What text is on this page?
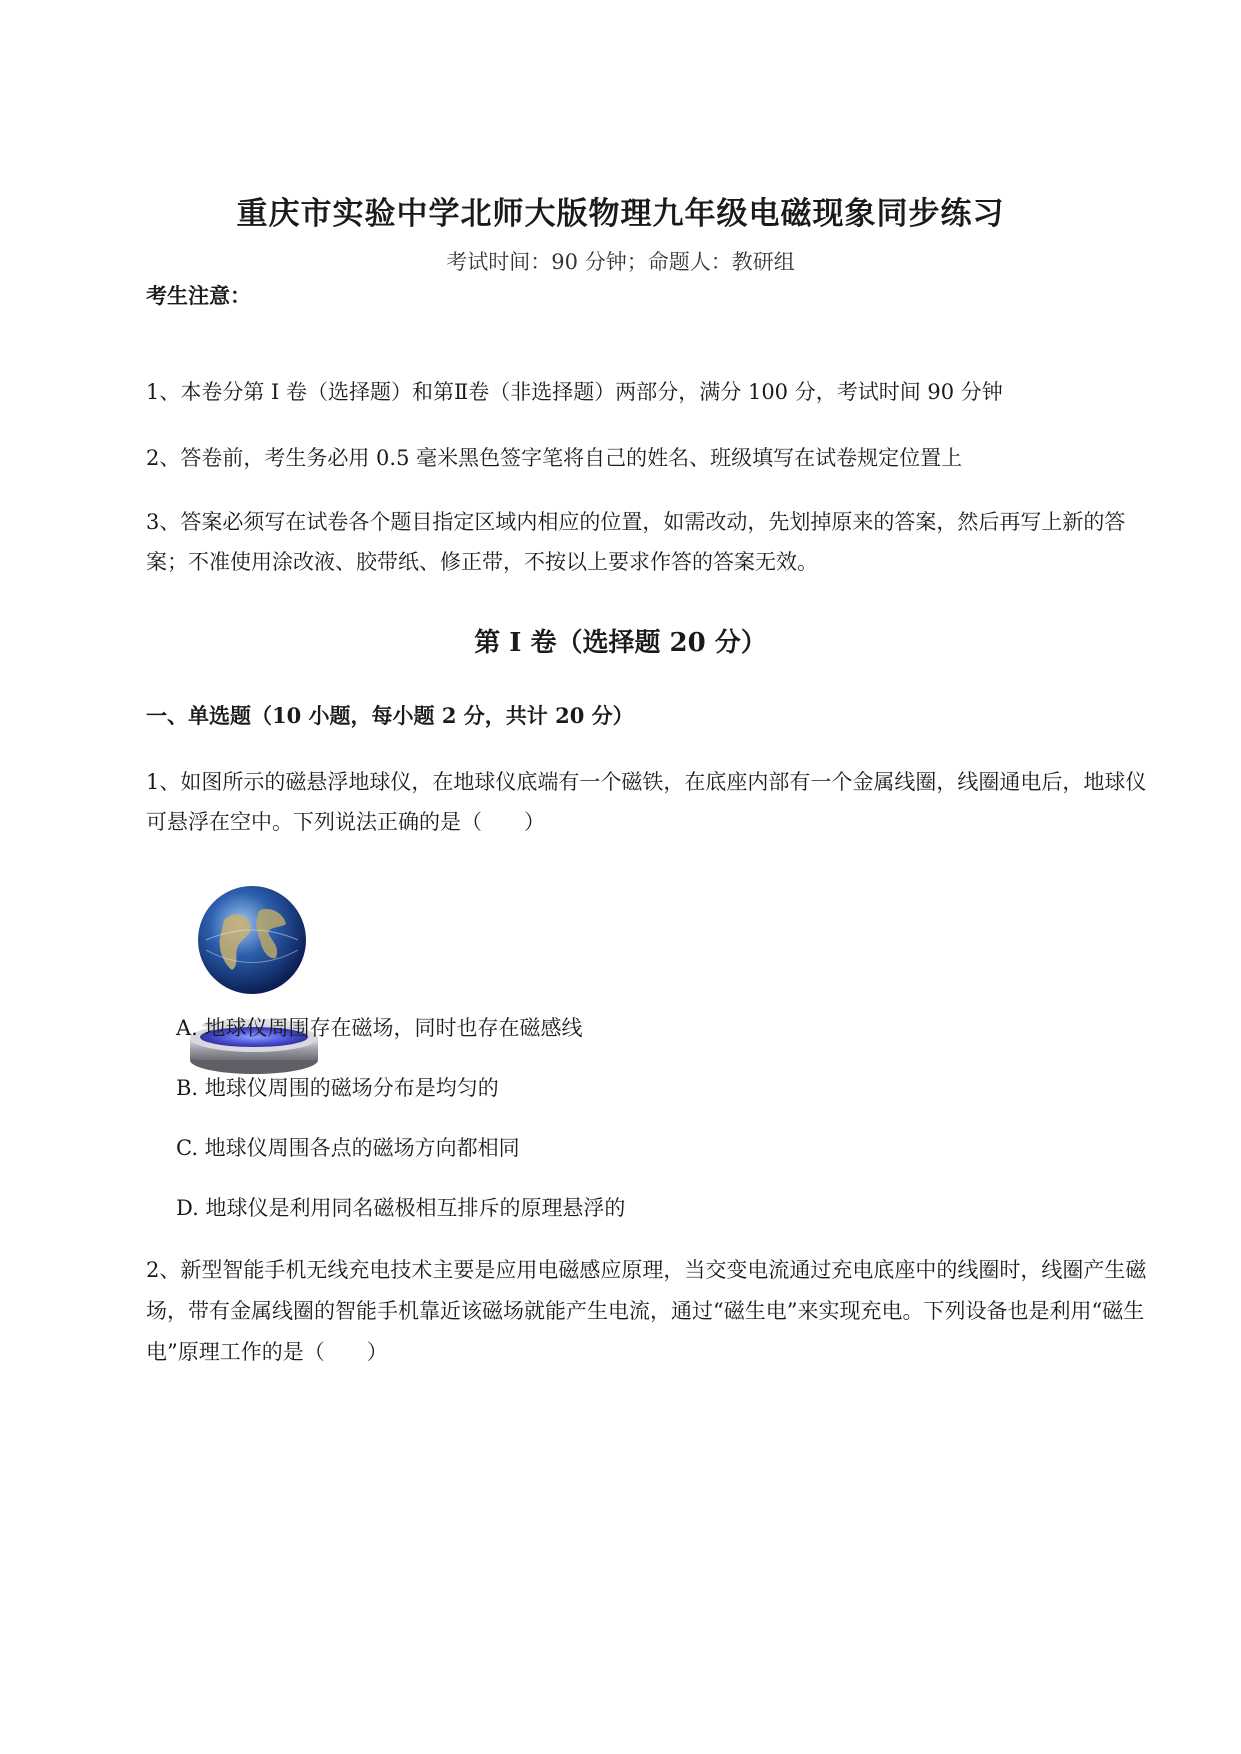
重庆市实验中学北师大版物理九年级电磁现象同步练习
考试时间：90 分钟；命题人：教研组
考生注意：
1、本卷分第 I 卷（选择题）和第Ⅱ卷（非选择题）两部分，满分 100 分，考试时间 90 分钟
2、答卷前，考生务必用 0.5 毫米黑色签字笔将自己的姓名、班级填写在试卷规定位置上
3、答案必须写在试卷各个题目指定区域内相应的位置，如需改动，先划掉原来的答案，然后再写上新的答案；不准使用涂改液、胶带纸、修正带，不按以上要求作答的答案无效。
第 I 卷（选择题 20 分）
一、单选题（10 小题，每小题 2 分，共计 20 分）
1、如图所示的磁悬浮地球仪，在地球仪底端有一个磁铁，在底座内部有一个金属线圈，线圈通电后，地球仪可悬浮在空中。下列说法正确的是（　　）
A. 地球仪周围存在磁场，同时也存在磁感线
B. 地球仪周围的磁场分布是均匀的
C. 地球仪周围各点的磁场方向都相同
D. 地球仪是利用同名磁极相互排斥的原理悬浮的
2、新型智能手机无线充电技术主要是应用电磁感应原理，当交变电流通过充电底座中的线圈时，线圈产生磁场，带有金属线圈的智能手机靠近该磁场就能产生电流，通过“磁生电”来实现充电。下列设备也是利用“磁生电”原理工作的是（　　）
